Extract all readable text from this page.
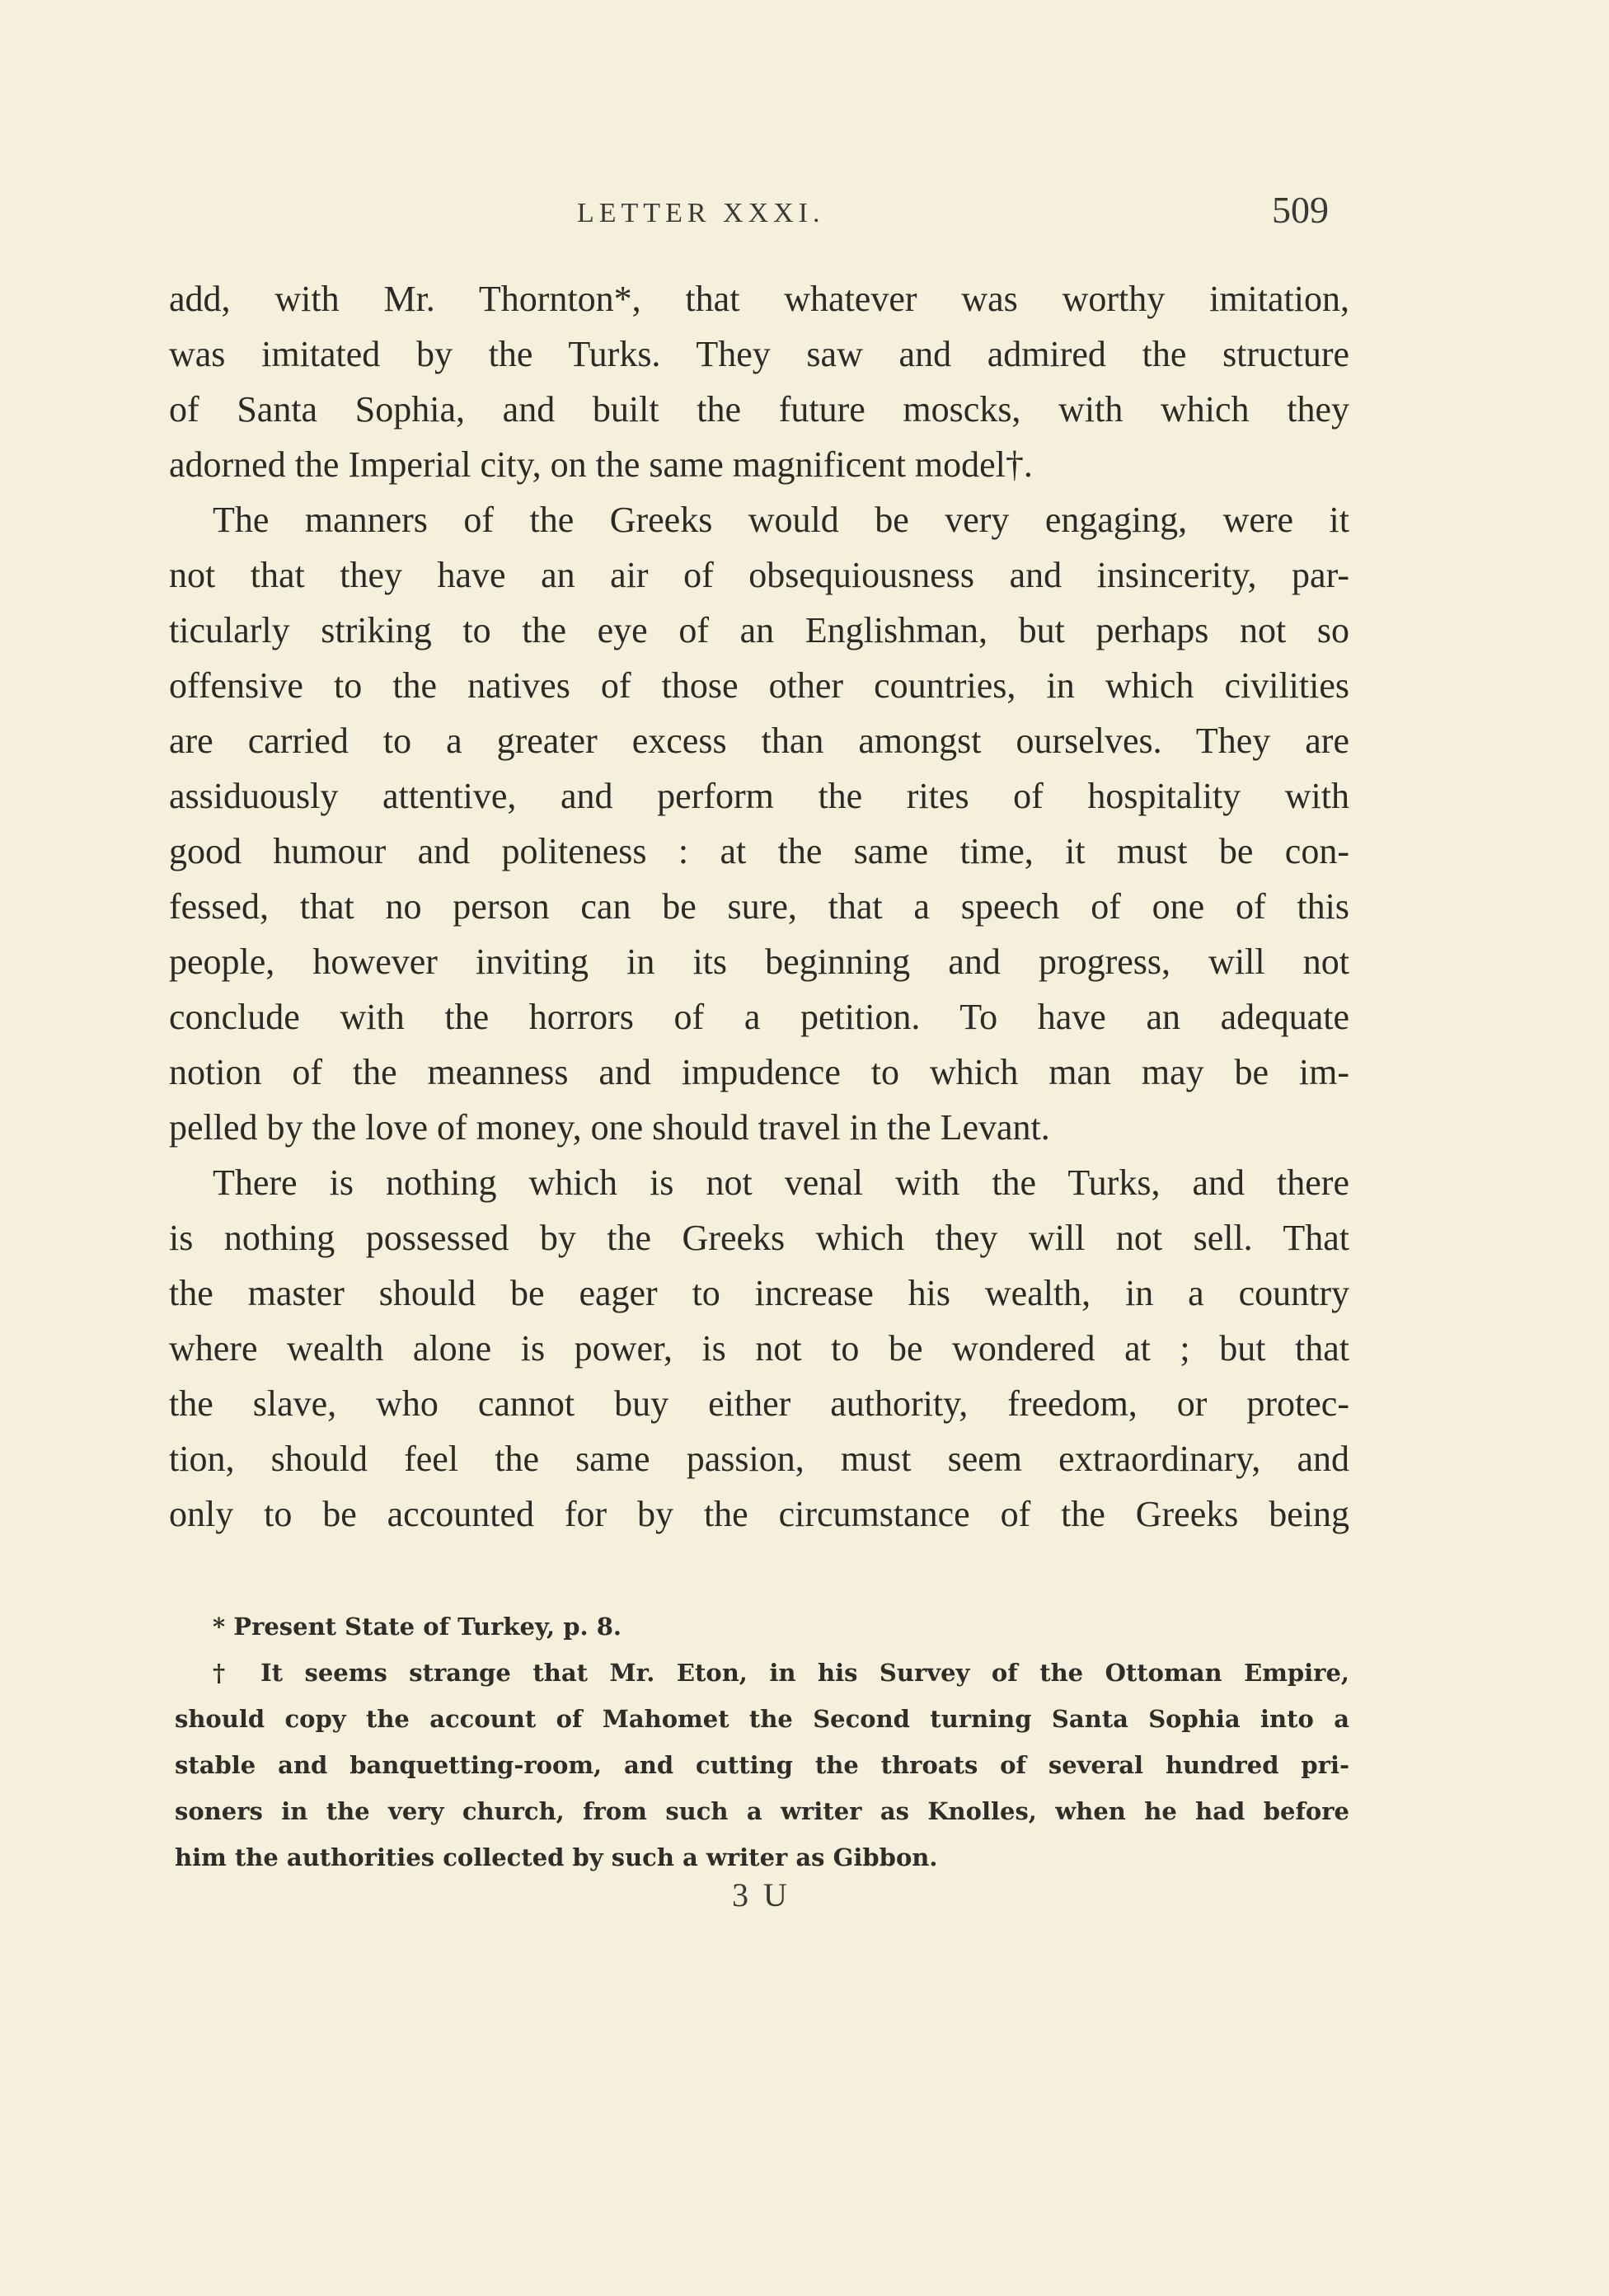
LETTER XXXI.	509
add, with Mr. Thornton*, that whatever was worthy imitation,
was imitated by the Turks. They saw and admired the structure
of Santa Sophia, and built the future moscks, with which they
adorned the Imperial city, on the same magnificent model†.
The manners of the Greeks would be very engaging, were it
not that they have an air of obsequiousness and insincerity, par-
ticularly striking to the eye of an Englishman, but perhaps not so
offensive to the natives of those other countries, in which civilities
are carried to a greater excess than amongst ourselves. They are
assiduously attentive, and perform the rites of hospitality with
good humour and politeness : at the same time, it must be con-
fessed, that no person can be sure, that a speech of one of this
people, however inviting in its beginning and progress, will not
conclude with the horrors of a petition. To have an adequate
notion of the meanness and impudence to which man may be im-
pelled by the love of money, one should travel in the Levant.
There is nothing which is not venal with the Turks, and there
is nothing possessed by the Greeks which they will not sell. That
the master should be eager to increase his wealth, in a country
where wealth alone is power, is not to be wondered at ; but that
the slave, who cannot buy either authority, freedom, or protec-
tion, should feel the same passion, must seem extraordinary, and
only to be accounted for by the circumstance of the Greeks being
* Present State of Turkey, p. 8.
† It seems strange that Mr. Eton, in his Survey of the Ottoman Empire,
should copy the account of Mahomet the Second turning Santa Sophia into a
stable and banquetting-room, and cutting the throats of several hundred pri-
soners in the very church, from such a writer as Knolles, when he had before
him the authorities collected by such a writer as Gibbon.
3 U
